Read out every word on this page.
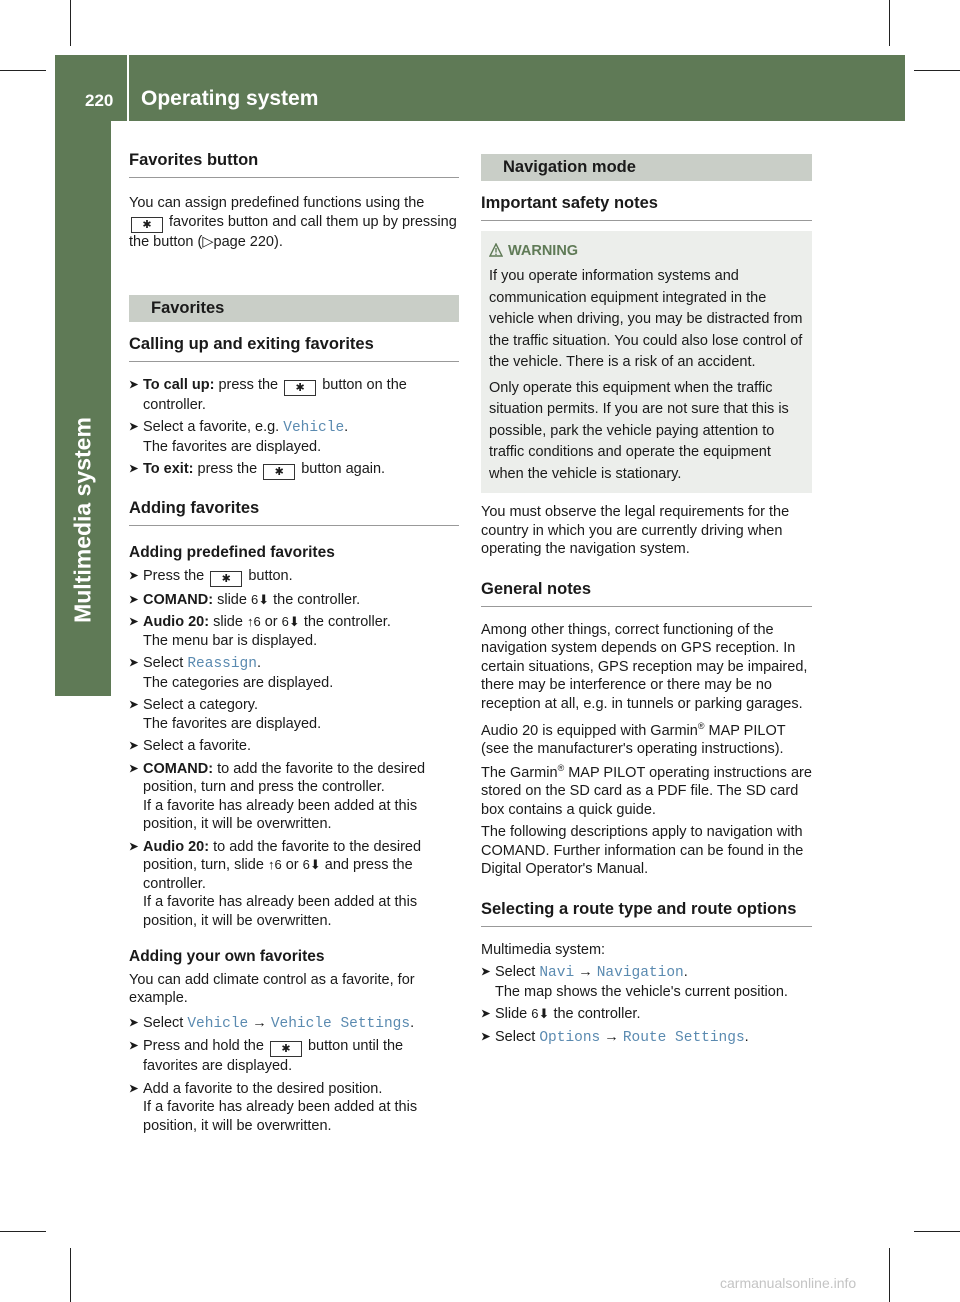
220 Operating system
Multimedia system
Favorites button

You can assign predefined functions using the
✱ favorites button and call them up by pressing the button (▷page 220).

Favorites
Calling up and exiting favorites
➤ To call up: press the ✱ button on the controller.
➤ Select a favorite, e.g. Vehicle.
The favorites are displayed.
➤ To exit: press the ✱ button again.
Adding favorites

Adding predefined favorites

➤ Press the ✱ button.
➤ COMAND: slide 6⬇ the controller.
➤ Audio 20: slide ↑6 or 6⬇ the controller.
The menu bar is displayed.
➤ Select Reassign.
The categories are displayed.
➤ Select a category.
The favorites are displayed.
➤ Select a favorite.
➤ COMAND: to add the favorite to the desired position, turn and press the controller.
If a favorite has already been added at this position, it will be overwritten.
➤ Audio 20: to add the favorite to the desired position, turn, slide ↑6 or 6⬇ and press the controller.
If a favorite has already been added at this position, it will be overwritten.

Adding your own favorites

You can add climate control as a favorite, for example.

➤ Select Vehicle → Vehicle Settings.
➤ Press and hold the ✱ button until the favorites are displayed.
➤ Add a favorite to the desired position.
If a favorite has already been added at this position, it will be overwritten.
Navigation mode
Important safety notes
WARNING

If you operate information systems and communication equipment integrated in the vehicle when driving, you may be distracted from the traffic situation. You could also lose control of the vehicle. There is a risk of an accident.

Only operate this equipment when the traffic situation permits. If you are not sure that this is possible, park the vehicle paying attention to traffic conditions and operate the equipment when the vehicle is stationary.

You must observe the legal requirements for the country in which you are currently driving when operating the navigation system.

General notes

Among other things, correct functioning of the navigation system depends on GPS reception. In certain situations, GPS reception may be impaired, there may be interference or there may be no reception at all, e.g. in tunnels or parking garages.

Audio 20 is equipped with Garmin® MAP PILOT (see the manufacturer's operating instructions). The Garmin® MAP PILOT operating instructions are stored on the SD card as a PDF file. The SD card box contains a quick guide.

The following descriptions apply to navigation with COMAND. Further information can be found in the Digital Operator's Manual.

Selecting a route type and route options

Multimedia system:

➤ Select Navi → Navigation.
The map shows the vehicle's current position.
➤ Slide 6⬇ the controller.
➤ Select Options → Route Settings.
carmanualsonline.info
